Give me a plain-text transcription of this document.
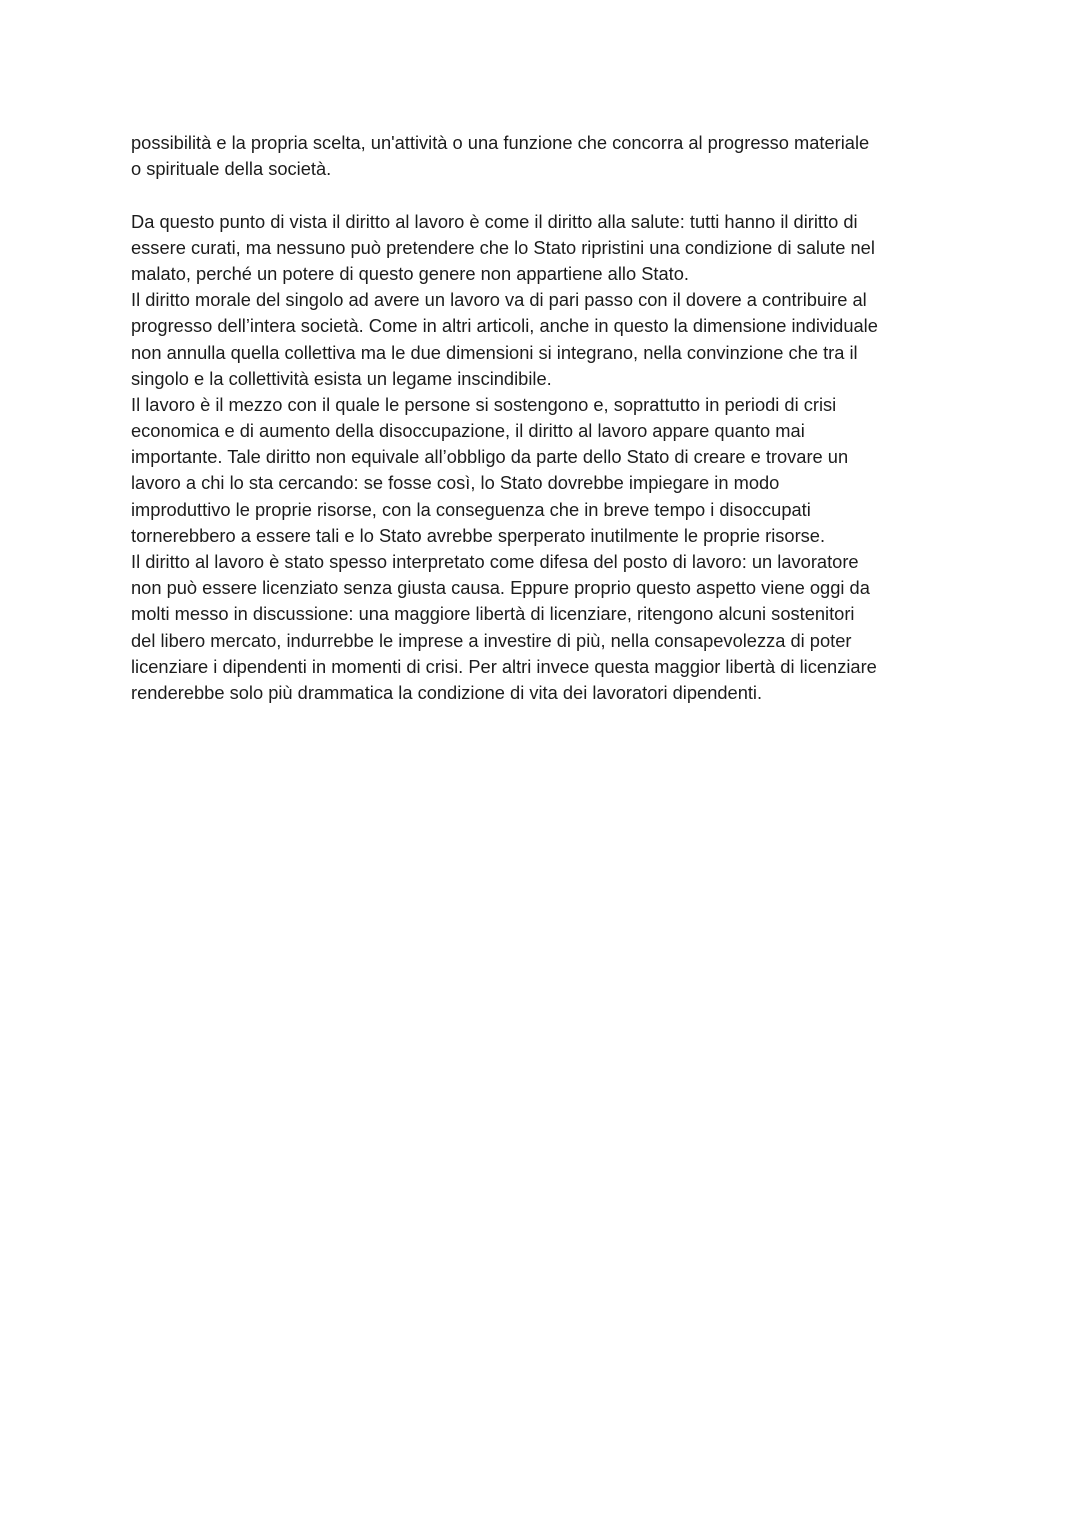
possibilità e la propria scelta, un'attività o una funzione che concorra al progresso materiale
o spirituale della società.
Da questo punto di vista il diritto al lavoro è come il diritto alla salute: tutti hanno il diritto di
essere curati, ma nessuno può pretendere che lo Stato ripristini una condizione di salute nel
malato, perché un potere di questo genere non appartiene allo Stato.
Il diritto morale del singolo ad avere un lavoro va di pari passo con il dovere a contribuire al
progresso dell’intera società. Come in altri articoli, anche in questo la dimensione individuale
non annulla quella collettiva ma le due dimensioni si integrano, nella convinzione che tra il
singolo e la collettività esista un legame inscindibile.
Il lavoro è il mezzo con il quale le persone si sostengono e, soprattutto in periodi di crisi
economica e di aumento della disoccupazione, il diritto al lavoro appare quanto mai
importante. Tale diritto non equivale all’obbligo da parte dello Stato di creare e trovare un
lavoro a chi lo sta cercando: se fosse così, lo Stato dovrebbe impiegare in modo
improduttivo le proprie risorse, con la conseguenza che in breve tempo i disoccupati
tornerebbero a essere tali e lo Stato avrebbe sperperato inutilmente le proprie risorse.
Il diritto al lavoro è stato spesso interpretato come difesa del posto di lavoro: un lavoratore
non può essere licenziato senza giusta causa. Eppure proprio questo aspetto viene oggi da
molti messo in discussione: una maggiore libertà di licenziare, ritengono alcuni sostenitori
del libero mercato, indurrebbe le imprese a investire di più, nella consapevolezza di poter
licenziare i dipendenti in momenti di crisi. Per altri invece questa maggior libertà di licenziare
renderebbe solo più drammatica la condizione di vita dei lavoratori dipendenti.
